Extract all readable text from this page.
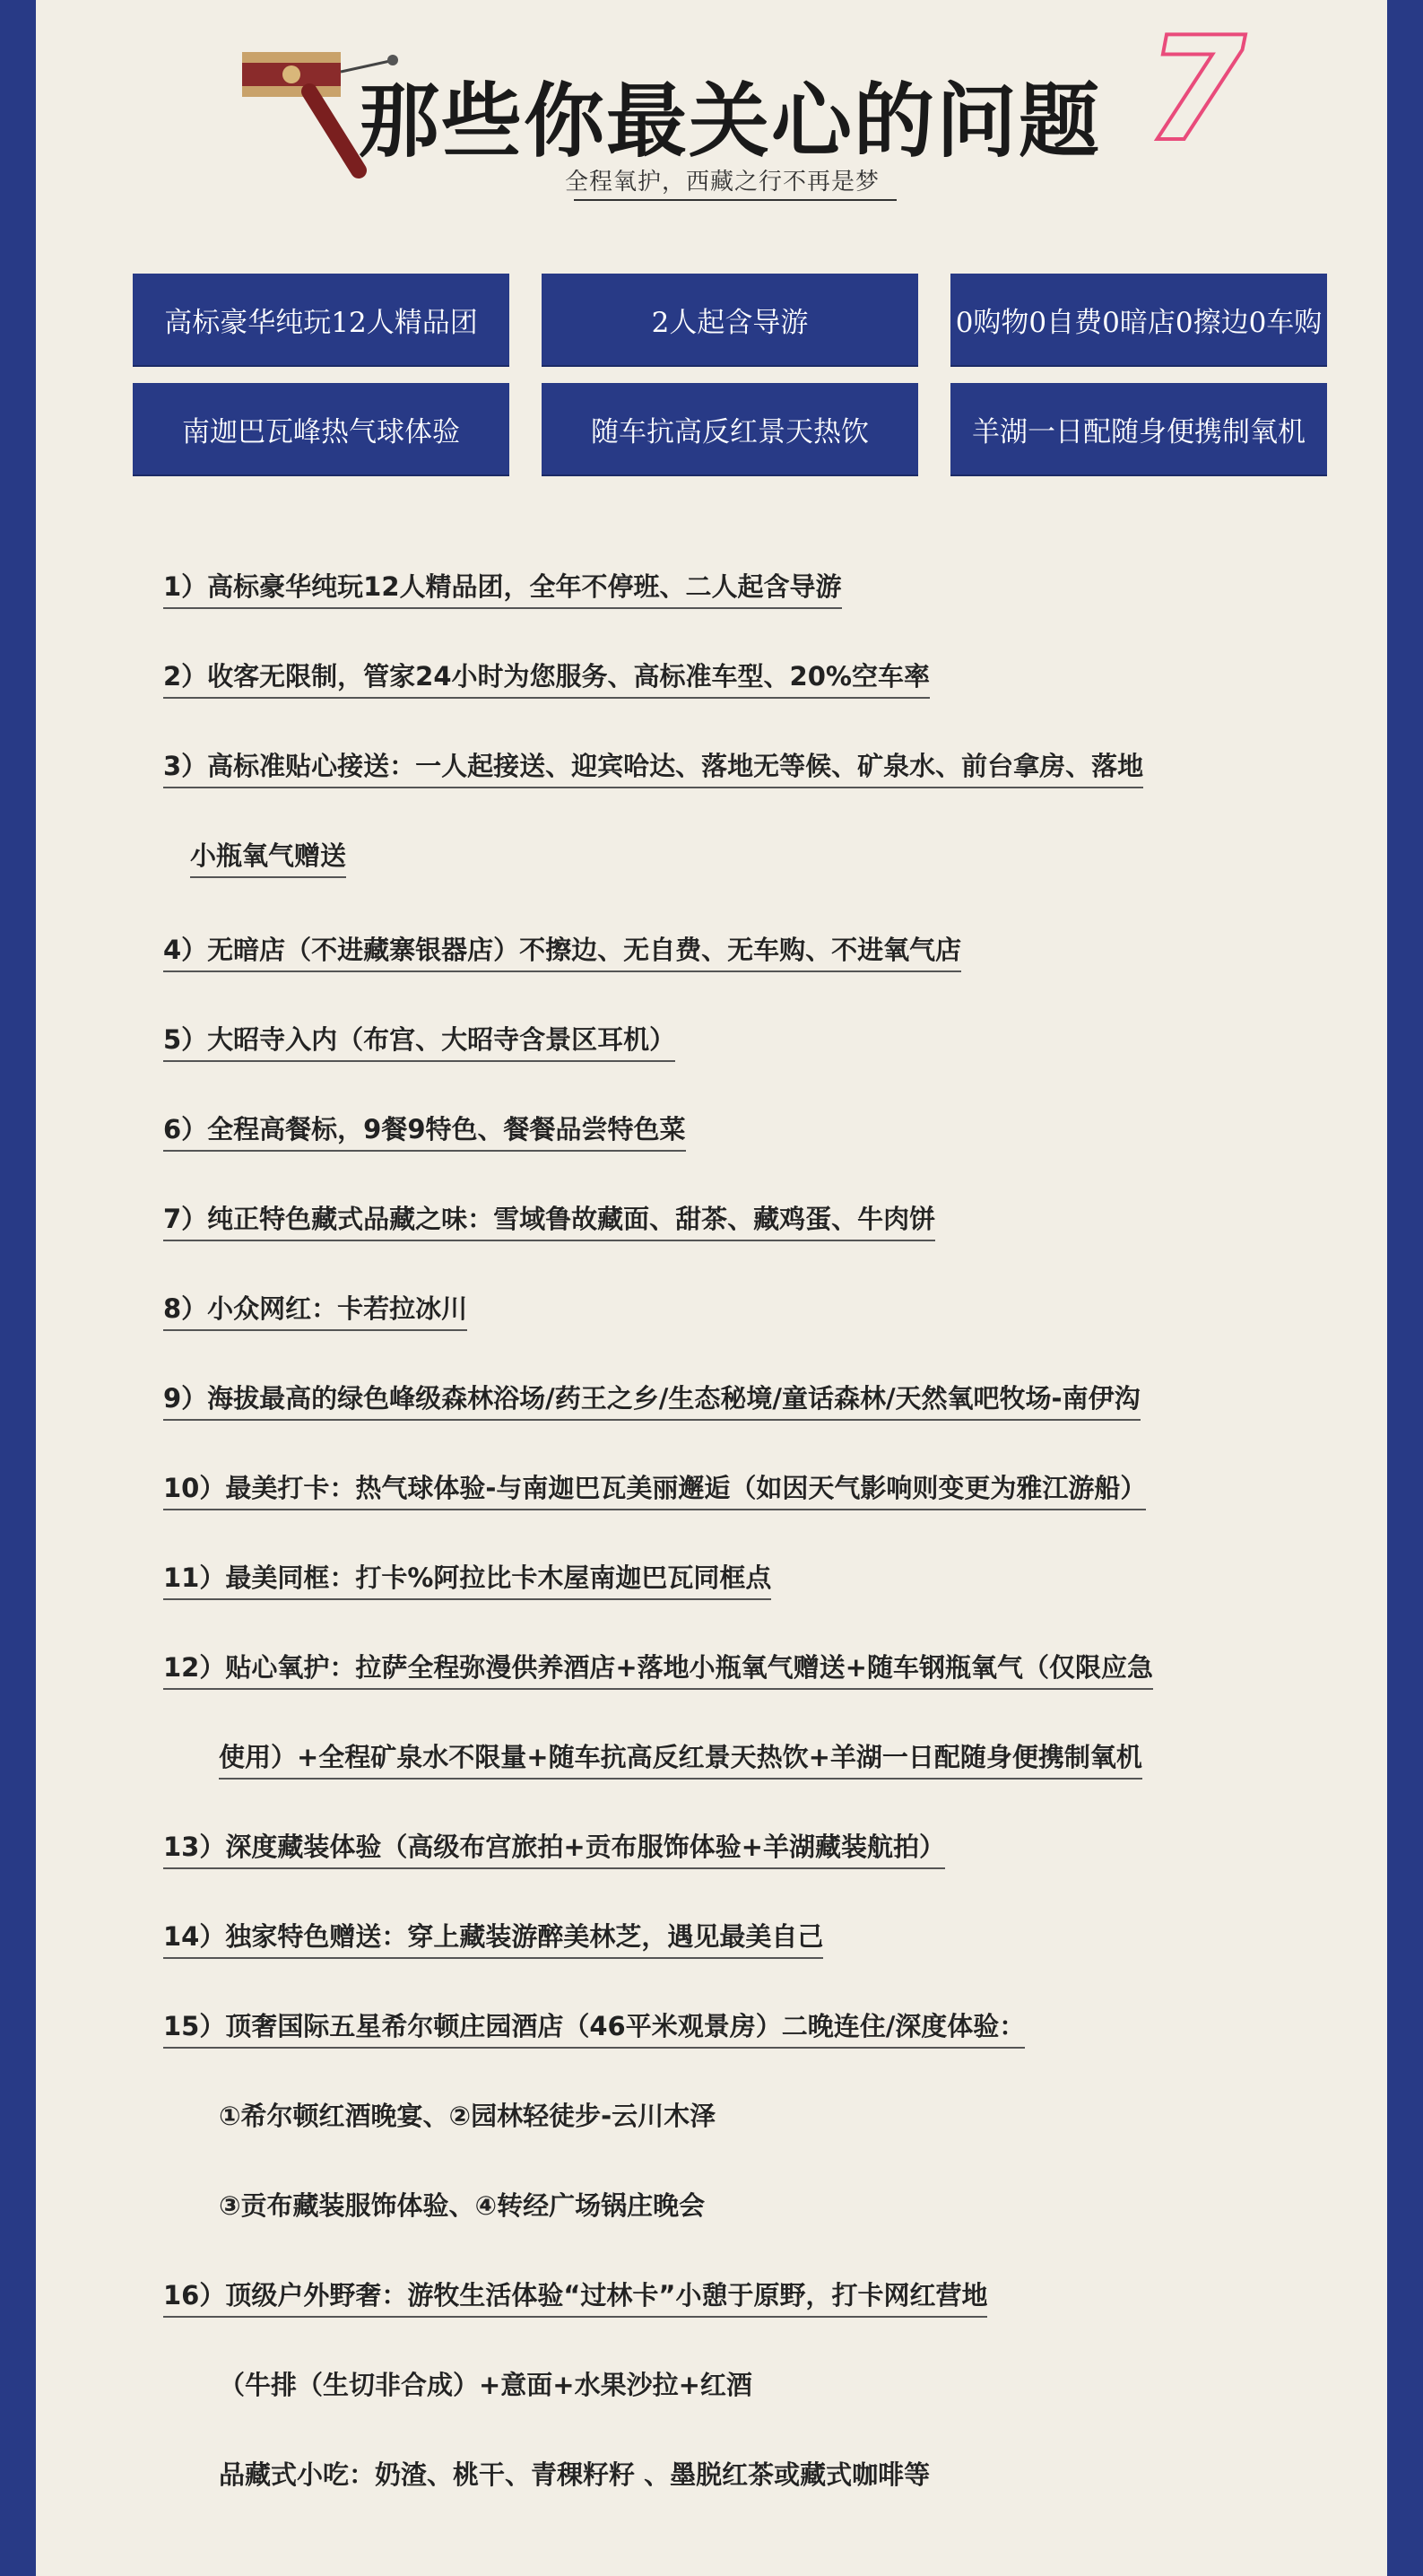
那些你最关心的问题 7
全程氧护，西藏之行不再是梦
高标豪华纯玩12人精品团	2人起含导游	0购物0自费0暗店0擦边0车购
南迦巴瓦峰热气球体验	随车抗高反红景天热饮	羊湖一日配随身便携制氧机
1）高标豪华纯玩12人精品团，全年不停班、二人起含导游
2）收客无限制，管家24小时为您服务、高标准车型、20%空车率
3）高标准贴心接送：一人起接送、迎宾哈达、落地无等候、矿泉水、前台拿房、落地
小瓶氧气赠送
4）无暗店（不进藏寨银器店）不擦边、无自费、无车购、不进氧气店
5）大昭寺入内（布宫、大昭寺含景区耳机）
6）全程高餐标，9餐9特色、餐餐品尝特色菜
7）纯正特色藏式品藏之味：雪域鲁故藏面、甜茶、藏鸡蛋、牛肉饼
8）小众网红：卡若拉冰川
9）海拔最高的绿色峰级森林浴场/药王之乡/生态秘境/童话森林/天然氧吧牧场-南伊沟
10）最美打卡：热气球体验-与南迦巴瓦美丽邂逅（如因天气影响则变更为雅江游船）
11）最美同框：打卡%阿拉比卡木屋南迦巴瓦同框点
12）贴心氧护：拉萨全程弥漫供养酒店+落地小瓶氧气赠送+随车钢瓶氧气（仅限应急
使用）+全程矿泉水不限量+随车抗高反红景天热饮+羊湖一日配随身便携制氧机
13）深度藏装体验（高级布宫旅拍+贡布服饰体验+羊湖藏装航拍）
14）独家特色赠送：穿上藏装游醉美林芝，遇见最美自己
15）顶奢国际五星希尔顿庄园酒店（46平米观景房）二晚连住/深度体验：
①希尔顿红酒晚宴、②园林轻徒步-云川木泽
③贡布藏装服饰体验、④转经广场锅庄晚会
16）顶级户外野奢：游牧生活体验“过林卡”小憩于原野，打卡网红营地
（牛排（生切非合成）+意面+水果沙拉+红酒
品藏式小吃：奶渣、桃干、青稞籽籽 、墨脱红茶或藏式咖啡等
